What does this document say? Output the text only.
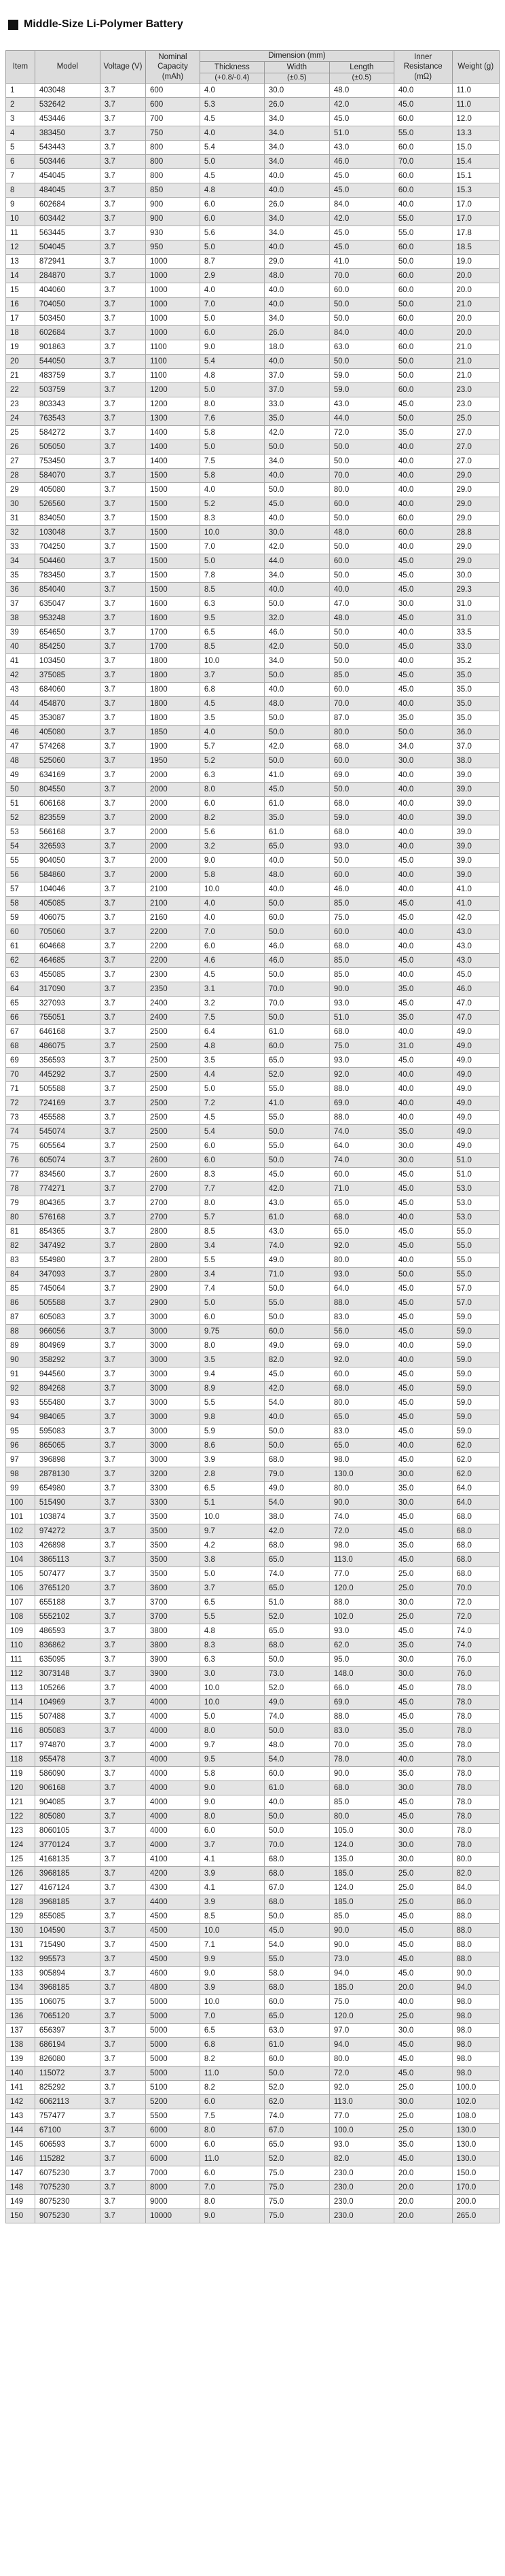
Middle-Size Li-Polymer Battery
Item	Model	Voltage (V)	Nominal Capacity (mAh)	Dimension (mm)			Inner Resistance (mΩ)	Weight (g)
				Thickness	Width	Length		
				(+0.8/-0.4)	(±0.5)	(±0.5)		
1	403048	3.7	600	4.0	30.0	48.0	40.0	11.0
2	532642	3.7	600	5.3	26.0	42.0	45.0	11.0
3	453446	3.7	700	4.5	34.0	45.0	60.0	12.0
4	383450	3.7	750	4.0	34.0	51.0	55.0	13.3
5	543443	3.7	800	5.4	34.0	43.0	60.0	15.0
6	503446	3.7	800	5.0	34.0	46.0	70.0	15.4
7	454045	3.7	800	4.5	40.0	45.0	60.0	15.1
8	484045	3.7	850	4.8	40.0	45.0	60.0	15.3
9	602684	3.7	900	6.0	26.0	84.0	40.0	17.0
10	603442	3.7	900	6.0	34.0	42.0	55.0	17.0
11	563445	3.7	930	5.6	34.0	45.0	55.0	17.8
12	504045	3.7	950	5.0	40.0	45.0	60.0	18.5
13	872941	3.7	1000	8.7	29.0	41.0	50.0	19.0
14	284870	3.7	1000	2.9	48.0	70.0	60.0	20.0
15	404060	3.7	1000	4.0	40.0	60.0	60.0	20.0
16	704050	3.7	1000	7.0	40.0	50.0	50.0	21.0
17	503450	3.7	1000	5.0	34.0	50.0	60.0	20.0
18	602684	3.7	1000	6.0	26.0	84.0	40.0	20.0
19	901863	3.7	1100	9.0	18.0	63.0	60.0	21.0
20	544050	3.7	1100	5.4	40.0	50.0	50.0	21.0
21	483759	3.7	1100	4.8	37.0	59.0	50.0	21.0
22	503759	3.7	1200	5.0	37.0	59.0	60.0	23.0
23	803343	3.7	1200	8.0	33.0	43.0	45.0	23.0
24	763543	3.7	1300	7.6	35.0	44.0	50.0	25.0
25	584272	3.7	1400	5.8	42.0	72.0	35.0	27.0
26	505050	3.7	1400	5.0	50.0	50.0	40.0	27.0
27	753450	3.7	1400	7.5	34.0	50.0	40.0	27.0
28	584070	3.7	1500	5.8	40.0	70.0	40.0	29.0
29	405080	3.7	1500	4.0	50.0	80.0	40.0	29.0
30	526560	3.7	1500	5.2	45.0	60.0	40.0	29.0
31	834050	3.7	1500	8.3	40.0	50.0	60.0	29.0
32	103048	3.7	1500	10.0	30.0	48.0	60.0	28.8
33	704250	3.7	1500	7.0	42.0	50.0	40.0	29.0
34	504460	3.7	1500	5.0	44.0	60.0	45.0	29.0
35	783450	3.7	1500	7.8	34.0	50.0	45.0	30.0
36	854040	3.7	1500	8.5	40.0	40.0	45.0	29.3
37	635047	3.7	1600	6.3	50.0	47.0	30.0	31.0
38	953248	3.7	1600	9.5	32.0	48.0	45.0	31.0
39	654650	3.7	1700	6.5	46.0	50.0	40.0	33.5
40	854250	3.7	1700	8.5	42.0	50.0	45.0	33.0
41	103450	3.7	1800	10.0	34.0	50.0	40.0	35.2
42	375085	3.7	1800	3.7	50.0	85.0	45.0	35.0
43	684060	3.7	1800	6.8	40.0	60.0	45.0	35.0
44	454870	3.7	1800	4.5	48.0	70.0	40.0	35.0
45	353087	3.7	1800	3.5	50.0	87.0	35.0	35.0
46	405080	3.7	1850	4.0	50.0	80.0	50.0	36.0
47	574268	3.7	1900	5.7	42.0	68.0	34.0	37.0
48	525060	3.7	1950	5.2	50.0	60.0	30.0	38.0
49	634169	3.7	2000	6.3	41.0	69.0	40.0	39.0
50	804550	3.7	2000	8.0	45.0	50.0	40.0	39.0
51	606168	3.7	2000	6.0	61.0	68.0	40.0	39.0
52	823559	3.7	2000	8.2	35.0	59.0	40.0	39.0
53	566168	3.7	2000	5.6	61.0	68.0	40.0	39.0
54	326593	3.7	2000	3.2	65.0	93.0	40.0	39.0
55	904050	3.7	2000	9.0	40.0	50.0	45.0	39.0
56	584860	3.7	2000	5.8	48.0	60.0	40.0	39.0
57	104046	3.7	2100	10.0	40.0	46.0	40.0	41.0
58	405085	3.7	2100	4.0	50.0	85.0	45.0	41.0
59	406075	3.7	2160	4.0	60.0	75.0	45.0	42.0
60	705060	3.7	2200	7.0	50.0	60.0	40.0	43.0
61	604668	3.7	2200	6.0	46.0	68.0	40.0	43.0
62	464685	3.7	2200	4.6	46.0	85.0	45.0	43.0
63	455085	3.7	2300	4.5	50.0	85.0	40.0	45.0
64	317090	3.7	2350	3.1	70.0	90.0	35.0	46.0
65	327093	3.7	2400	3.2	70.0	93.0	45.0	47.0
66	755051	3.7	2400	7.5	50.0	51.0	35.0	47.0
67	646168	3.7	2500	6.4	61.0	68.0	40.0	49.0
68	486075	3.7	2500	4.8	60.0	75.0	31.0	49.0
69	356593	3.7	2500	3.5	65.0	93.0	45.0	49.0
70	445292	3.7	2500	4.4	52.0	92.0	40.0	49.0
71	505588	3.7	2500	5.0	55.0	88.0	40.0	49.0
72	724169	3.7	2500	7.2	41.0	69.0	40.0	49.0
73	455588	3.7	2500	4.5	55.0	88.0	40.0	49.0
74	545074	3.7	2500	5.4	50.0	74.0	35.0	49.0
75	605564	3.7	2500	6.0	55.0	64.0	30.0	49.0
76	605074	3.7	2600	6.0	50.0	74.0	30.0	51.0
77	834560	3.7	2600	8.3	45.0	60.0	45.0	51.0
78	774271	3.7	2700	7.7	42.0	71.0	45.0	53.0
79	804365	3.7	2700	8.0	43.0	65.0	45.0	53.0
80	576168	3.7	2700	5.7	61.0	68.0	40.0	53.0
81	854365	3.7	2800	8.5	43.0	65.0	45.0	55.0
82	347492	3.7	2800	3.4	74.0	92.0	45.0	55.0
83	554980	3.7	2800	5.5	49.0	80.0	40.0	55.0
84	347093	3.7	2800	3.4	71.0	93.0	50.0	55.0
85	745064	3.7	2900	7.4	50.0	64.0	45.0	57.0
86	505588	3.7	2900	5.0	55.0	88.0	45.0	57.0
87	605083	3.7	3000	6.0	50.0	83.0	45.0	59.0
88	966056	3.7	3000	9.75	60.0	56.0	45.0	59.0
89	804969	3.7	3000	8.0	49.0	69.0	40.0	59.0
90	358292	3.7	3000	3.5	82.0	92.0	40.0	59.0
91	944560	3.7	3000	9.4	45.0	60.0	45.0	59.0
92	894268	3.7	3000	8.9	42.0	68.0	45.0	59.0
93	555480	3.7	3000	5.5	54.0	80.0	45.0	59.0
94	984065	3.7	3000	9.8	40.0	65.0	45.0	59.0
95	595083	3.7	3000	5.9	50.0	83.0	45.0	59.0
96	865065	3.7	3000	8.6	50.0	65.0	40.0	62.0
97	396898	3.7	3000	3.9	68.0	98.0	45.0	62.0
98	2878130	3.7	3200	2.8	79.0	130.0	30.0	62.0
99	654980	3.7	3300	6.5	49.0	80.0	35.0	64.0
100	515490	3.7	3300	5.1	54.0	90.0	30.0	64.0
101	103874	3.7	3500	10.0	38.0	74.0	45.0	68.0
102	974272	3.7	3500	9.7	42.0	72.0	45.0	68.0
103	426898	3.7	3500	4.2	68.0	98.0	35.0	68.0
104	3865113	3.7	3500	3.8	65.0	113.0	45.0	68.0
105	507477	3.7	3500	5.0	74.0	77.0	25.0	68.0
106	3765120	3.7	3600	3.7	65.0	120.0	25.0	70.0
107	655188	3.7	3700	6.5	51.0	88.0	30.0	72.0
108	5552102	3.7	3700	5.5	52.0	102.0	25.0	72.0
109	486593	3.7	3800	4.8	65.0	93.0	45.0	74.0
110	836862	3.7	3800	8.3	68.0	62.0	35.0	74.0
111	635095	3.7	3900	6.3	50.0	95.0	30.0	76.0
112	3073148	3.7	3900	3.0	73.0	148.0	30.0	76.0
113	105266	3.7	4000	10.0	52.0	66.0	45.0	78.0
114	104969	3.7	4000	10.0	49.0	69.0	45.0	78.0
115	507488	3.7	4000	5.0	74.0	88.0	45.0	78.0
116	805083	3.7	4000	8.0	50.0	83.0	35.0	78.0
117	974870	3.7	4000	9.7	48.0	70.0	35.0	78.0
118	955478	3.7	4000	9.5	54.0	78.0	40.0	78.0
119	586090	3.7	4000	5.8	60.0	90.0	35.0	78.0
120	906168	3.7	4000	9.0	61.0	68.0	30.0	78.0
121	904085	3.7	4000	9.0	40.0	85.0	45.0	78.0
122	805080	3.7	4000	8.0	50.0	80.0	45.0	78.0
123	8060105	3.7	4000	6.0	50.0	105.0	30.0	78.0
124	3770124	3.7	4000	3.7	70.0	124.0	30.0	78.0
125	4168135	3.7	4100	4.1	68.0	135.0	30.0	80.0
126	3968185	3.7	4200	3.9	68.0	185.0	25.0	82.0
127	4167124	3.7	4300	4.1	67.0	124.0	25.0	84.0
128	3968185	3.7	4400	3.9	68.0	185.0	25.0	86.0
129	855085	3.7	4500	8.5	50.0	85.0	45.0	88.0
130	104590	3.7	4500	10.0	45.0	90.0	45.0	88.0
131	715490	3.7	4500	7.1	54.0	90.0	45.0	88.0
132	995573	3.7	4500	9.9	55.0	73.0	45.0	88.0
133	905894	3.7	4600	9.0	58.0	94.0	45.0	90.0
134	3968185	3.7	4800	3.9	68.0	185.0	20.0	94.0
135	106075	3.7	5000	10.0	60.0	75.0	40.0	98.0
136	7065120	3.7	5000	7.0	65.0	120.0	25.0	98.0
137	656397	3.7	5000	6.5	63.0	97.0	30.0	98.0
138	686194	3.7	5000	6.8	61.0	94.0	45.0	98.0
139	826080	3.7	5000	8.2	60.0	80.0	45.0	98.0
140	115072	3.7	5000	11.0	50.0	72.0	45.0	98.0
141	825292	3.7	5100	8.2	52.0	92.0	25.0	100.0
142	6062113	3.7	5200	6.0	62.0	113.0	30.0	102.0
143	757477	3.7	5500	7.5	74.0	77.0	25.0	108.0
144	67100	3.7	6000	8.0	67.0	100.0	25.0	130.0
145	606593	3.7	6000	6.0	65.0	93.0	35.0	130.0
146	115282	3.7	6000	11.0	52.0	82.0	45.0	130.0
147	6075230	3.7	7000	6.0	75.0	230.0	20.0	150.0
148	7075230	3.7	8000	7.0	75.0	230.0	20.0	170.0
149	8075230	3.7	9000	8.0	75.0	230.0	20.0	200.0
150	9075230	3.7	10000	9.0	75.0	230.0	20.0	265.0
